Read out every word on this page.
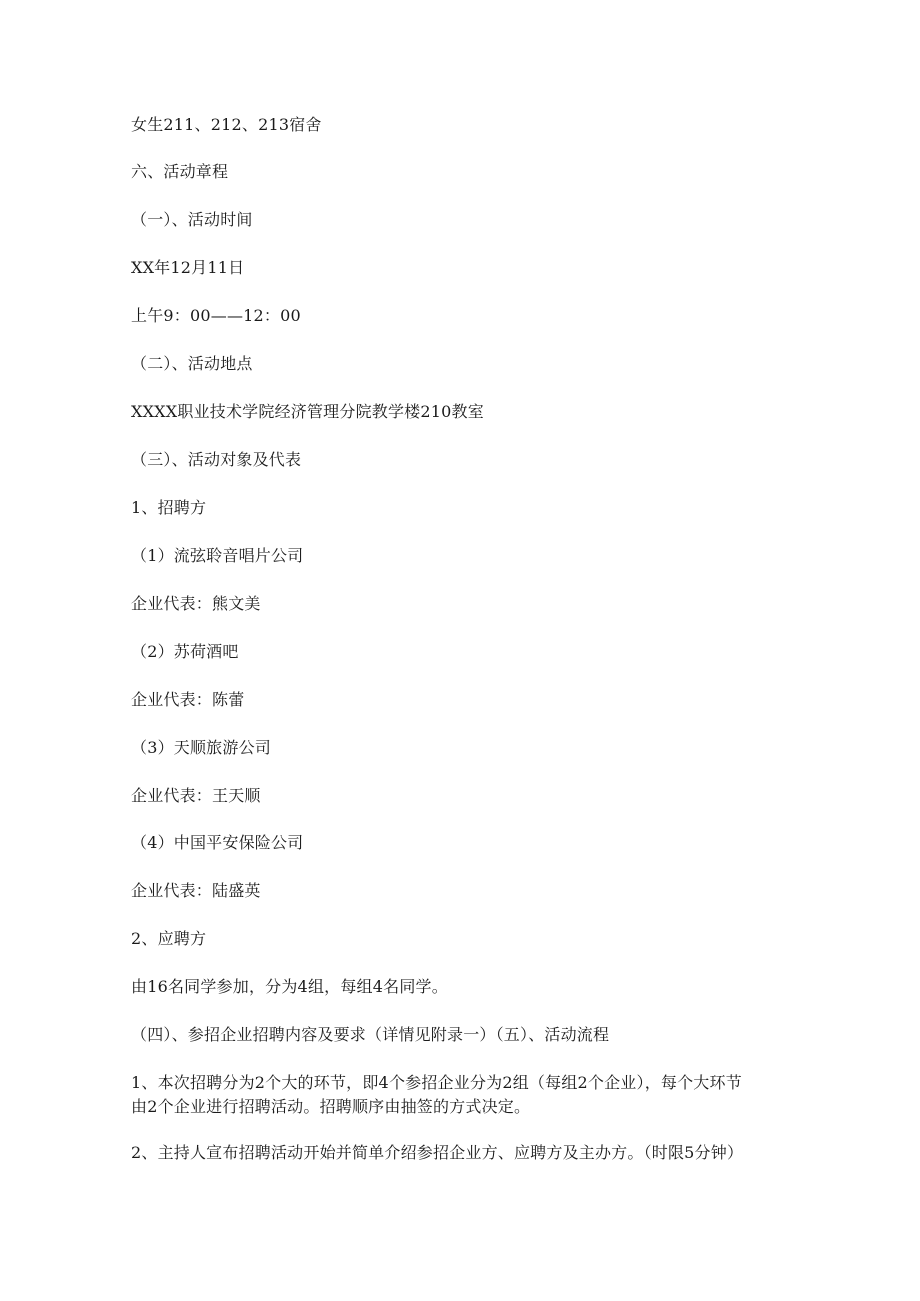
女生211、212、213宿舍
六、活动章程
（一）、活动时间
XX年12月11日
上午9：00——12：00
（二）、活动地点
XXXX职业技术学院经济管理分院教学楼210教室
（三）、活动对象及代表
1、招聘方
（1）流弦聆音唱片公司
企业代表：熊文美
（2）苏荷酒吧
企业代表：陈蕾
（3）天顺旅游公司
企业代表：王天顺
（4）中国平安保险公司
企业代表：陆盛英
2、应聘方
由16名同学参加，分为4组，每组4名同学。
（四）、参招企业招聘内容及要求（详情见附录一）（五）、活动流程
1、本次招聘分为2个大的环节，即4个参招企业分为2组（每组2个企业），每个大环节
由2个企业进行招聘活动。招聘顺序由抽签的方式决定。
2、主持人宣布招聘活动开始并简单介绍参招企业方、应聘方及主办方。（时限5分钟）
